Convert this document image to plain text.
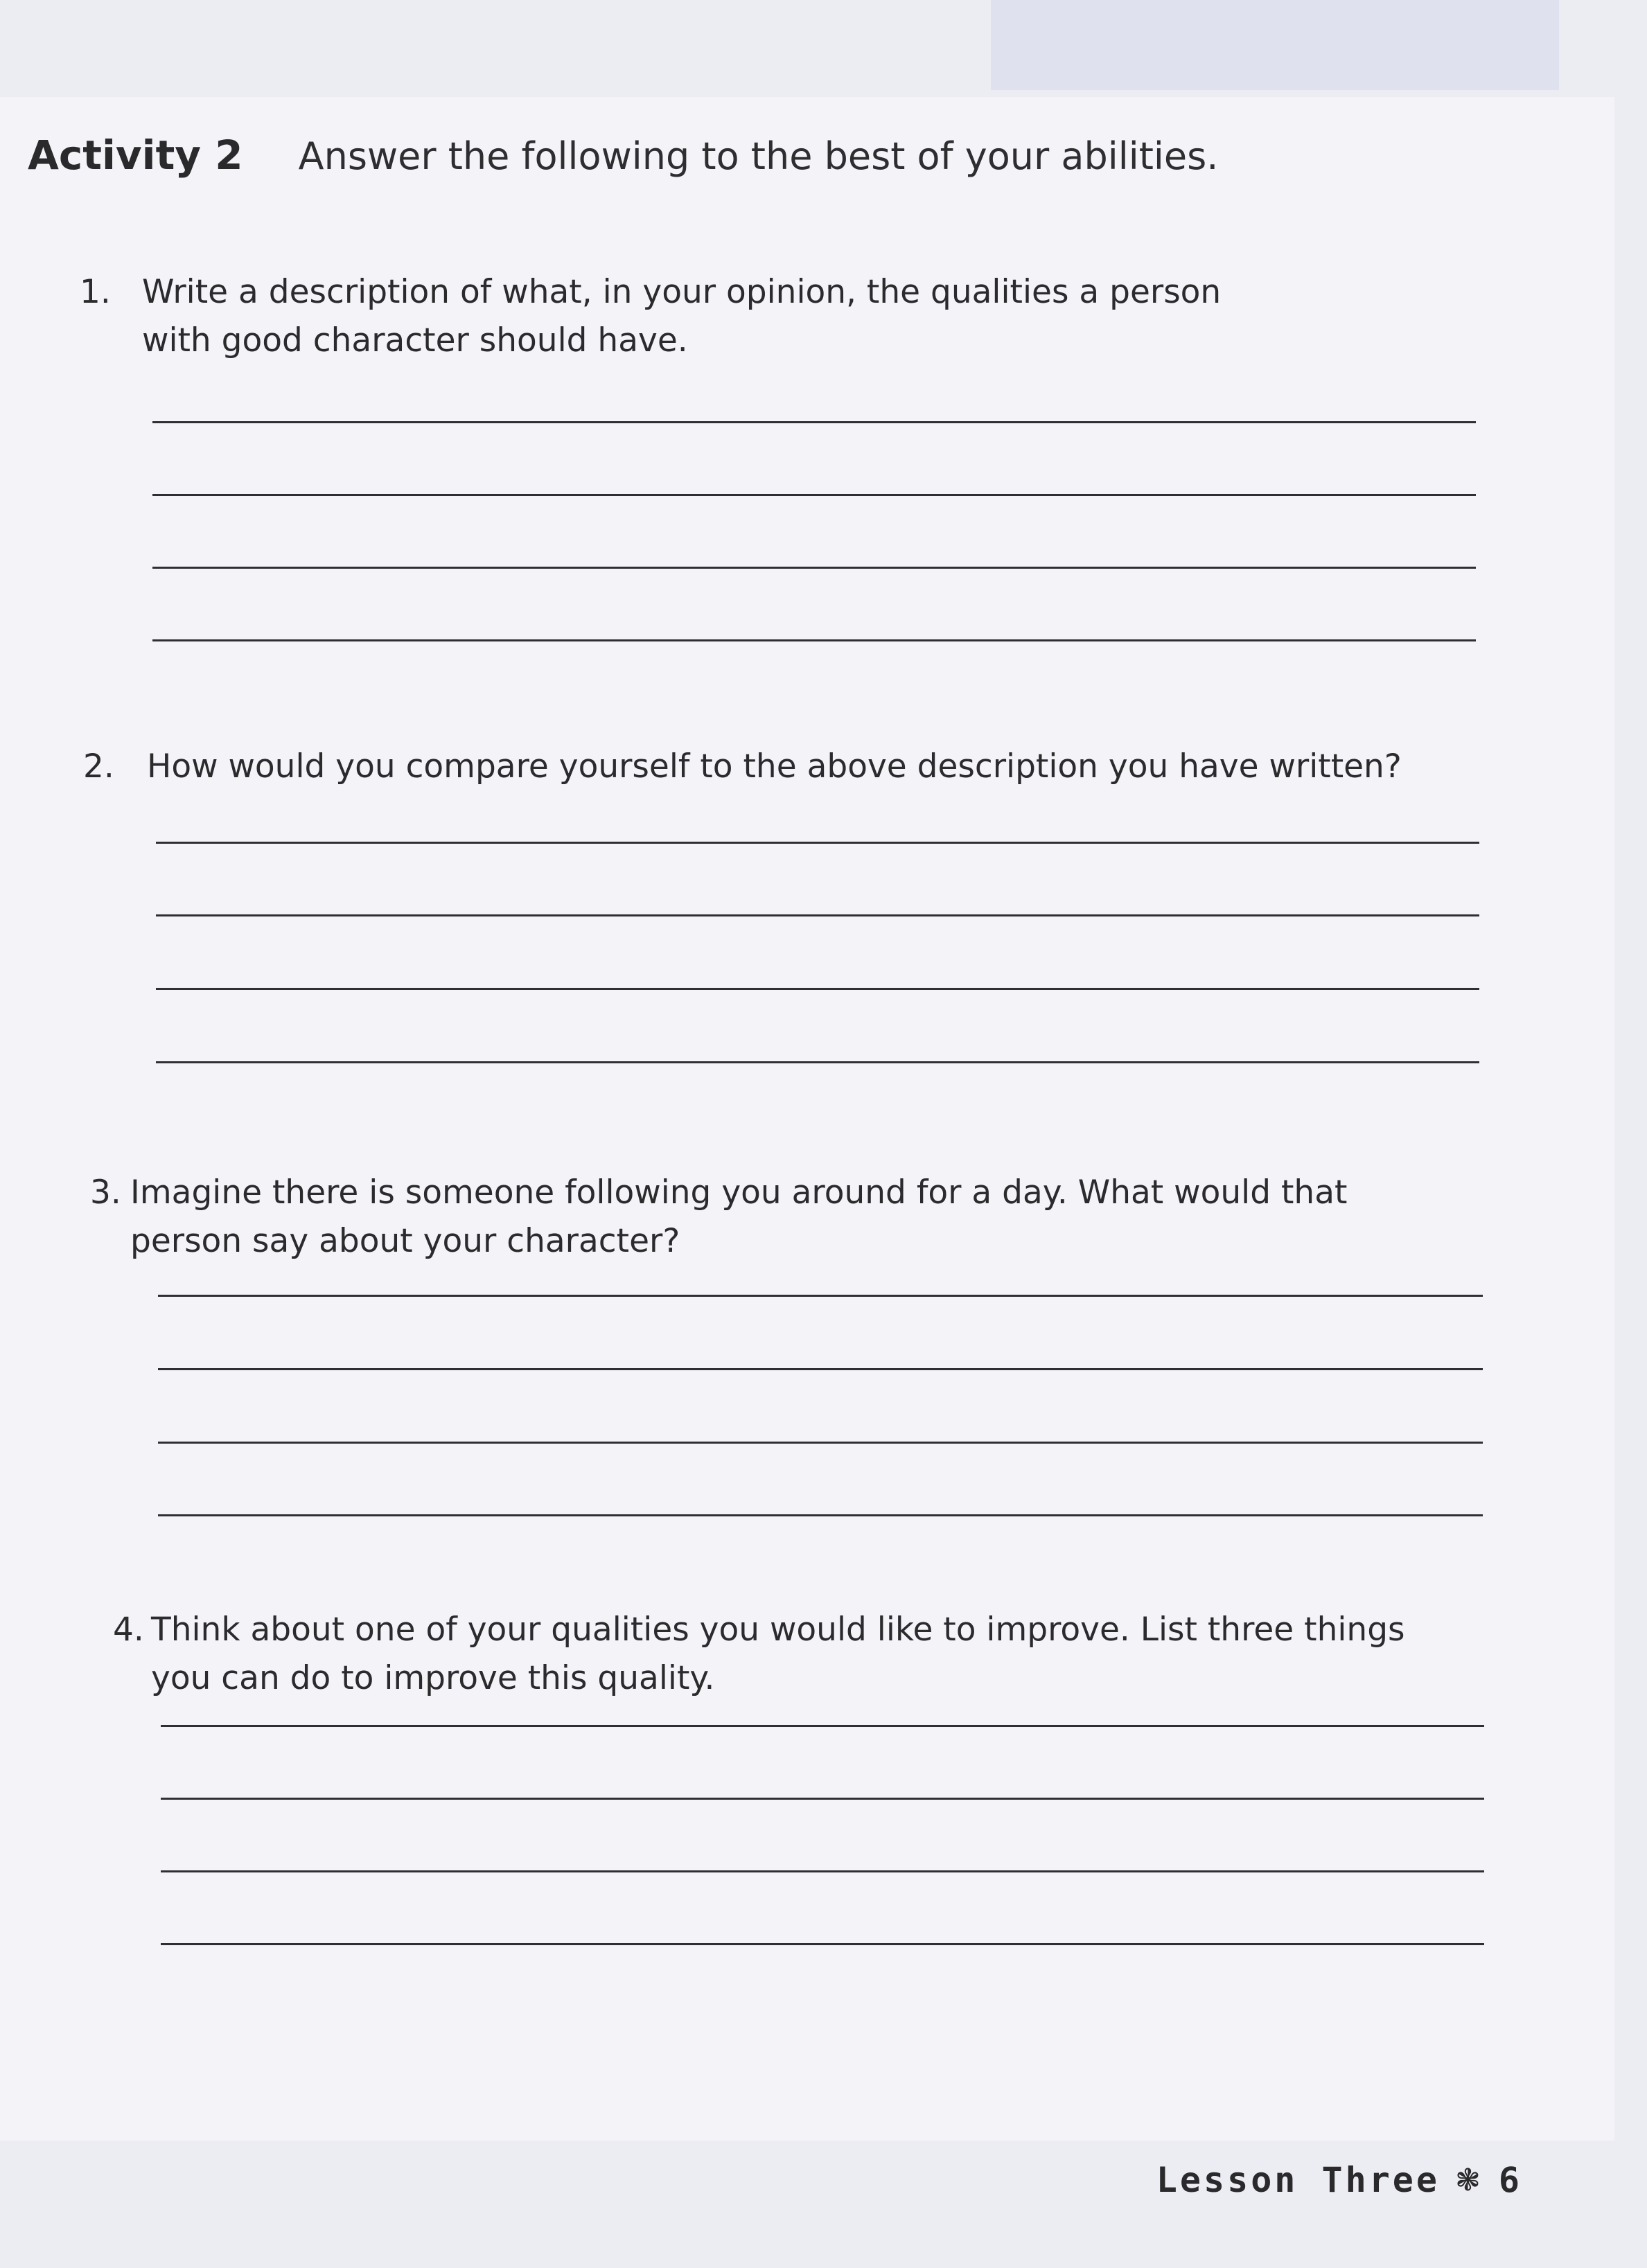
Activity 2 Answer the following to the best of your abilities.
1. Write a description of what, in your opinion, the qualities a person
with good character should have.
2. How would you compare yourself to the above description you have written?
3. Imagine there is someone following you around for a day. What would that
person say about your character?
4. Think about one of your qualities you would like to improve. List three things
you can do to improve this quality.
Lesson Three ❃ 6
